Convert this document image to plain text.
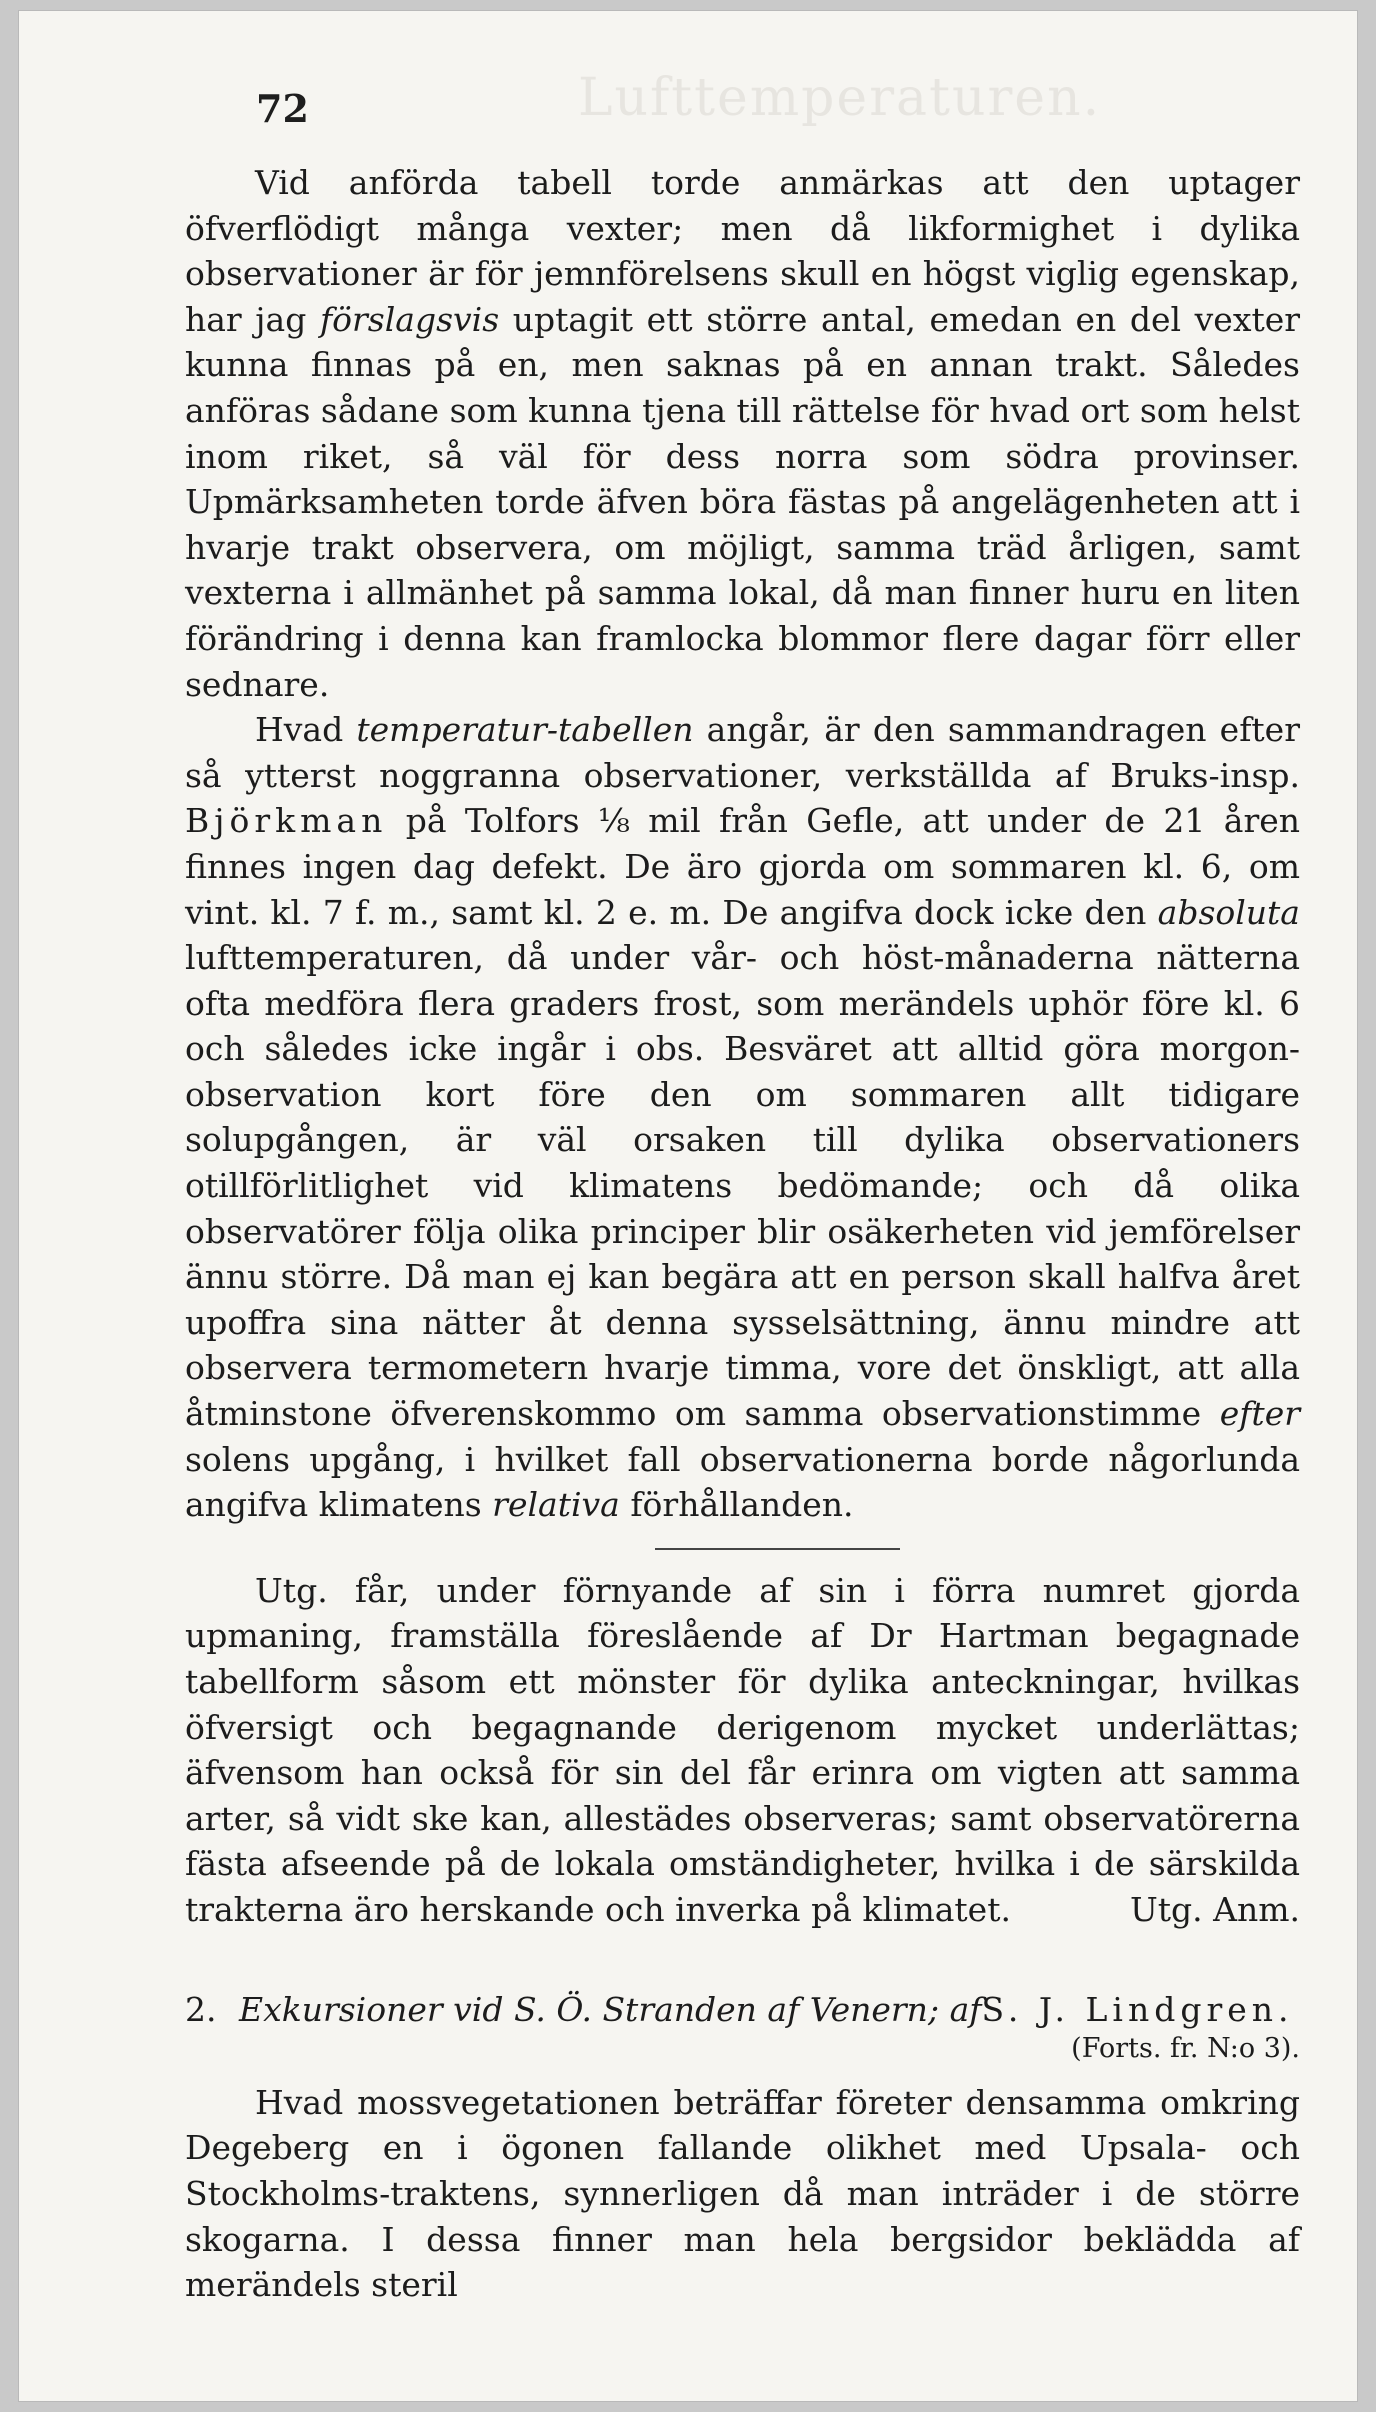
Lufttemperaturen.
72

Vid anförda tabell torde anmärkas att den uptager öfverflödigt många vexter; men då likformighet i dylika observationer är för jemnförelsens skull en högst viglig egenskap, har jag förslagsvis uptagit ett större antal, emedan en del vexter kunna finnas på en, men saknas på en annan trakt. Således anföras sådane som kunna tjena till rättelse för hvad ort som helst inom riket, så väl för dess norra som södra provinser. Upmärksamheten torde äfven böra fästas på angelägenheten att i hvarje trakt observera, om möjligt, samma träd årligen, samt vexterna i allmänhet på samma lokal, då man finner huru en liten förändring i denna kan framlocka blommor flere dagar förr eller sednare.

Hvad temperatur-tabellen angår, är den sammandragen efter så ytterst noggranna observationer, verkställda af Bruks-insp. Björkman på Tolfors ⅛ mil från Gefle, att under de 21 åren finnes ingen dag defekt. De äro gjorda om sommaren kl. 6, om vint. kl. 7 f. m., samt kl. 2 e. m. De angifva dock icke den absoluta lufttemperaturen, då under vår- och höst-månaderna nätterna ofta medföra flera graders frost, som merändels uphör före kl. 6 och således icke ingår i obs. Besväret att alltid göra morgon-observation kort före den om sommaren allt tidigare solupgången, är väl orsaken till dylika observationers otillförlitlighet vid klimatens bedömande; och då olika observatörer följa olika principer blir osäkerheten vid jemförelser ännu större. Då man ej kan begära att en person skall halfva året upoffra sina nätter åt denna sysselsättning, ännu mindre att observera termometern hvarje timma, vore det önskligt, att alla åtminstone öfverenskommo om samma observationstimme efter solens upgång, i hvilket fall observationerna borde någorlunda angifva klimatens relativa förhållanden.

Utg. får, under förnyande af sin i förra numret gjorda upmaning, framställa föreslående af Dr Hartman begagnade tabellform såsom ett mönster för dylika anteckningar, hvilkas öfversigt och begagnande derigenom mycket underlättas; äfvensom han också för sin del får erinra om vigten att samma arter, så vidt ske kan, allestädes observeras; samt observatörerna fästa afseende på de lokala omständigheter, hvilka i de särskilda trakterna äro herskande och inverka på klimatet.	Utg. Anm.

2. Exkursioner vid S. Ö. Stranden af Venern; afS. J. Lindgren.

(Forts. fr. N:o 3).

Hvad mossvegetationen beträffar företer densamma omkring Degeberg en i ögonen fallande olikhet med Upsala- och Stockholms-traktens, synnerligen då man inträder i de större skogarna. I dessa finner man hela bergsidor beklädda af merändels steril
